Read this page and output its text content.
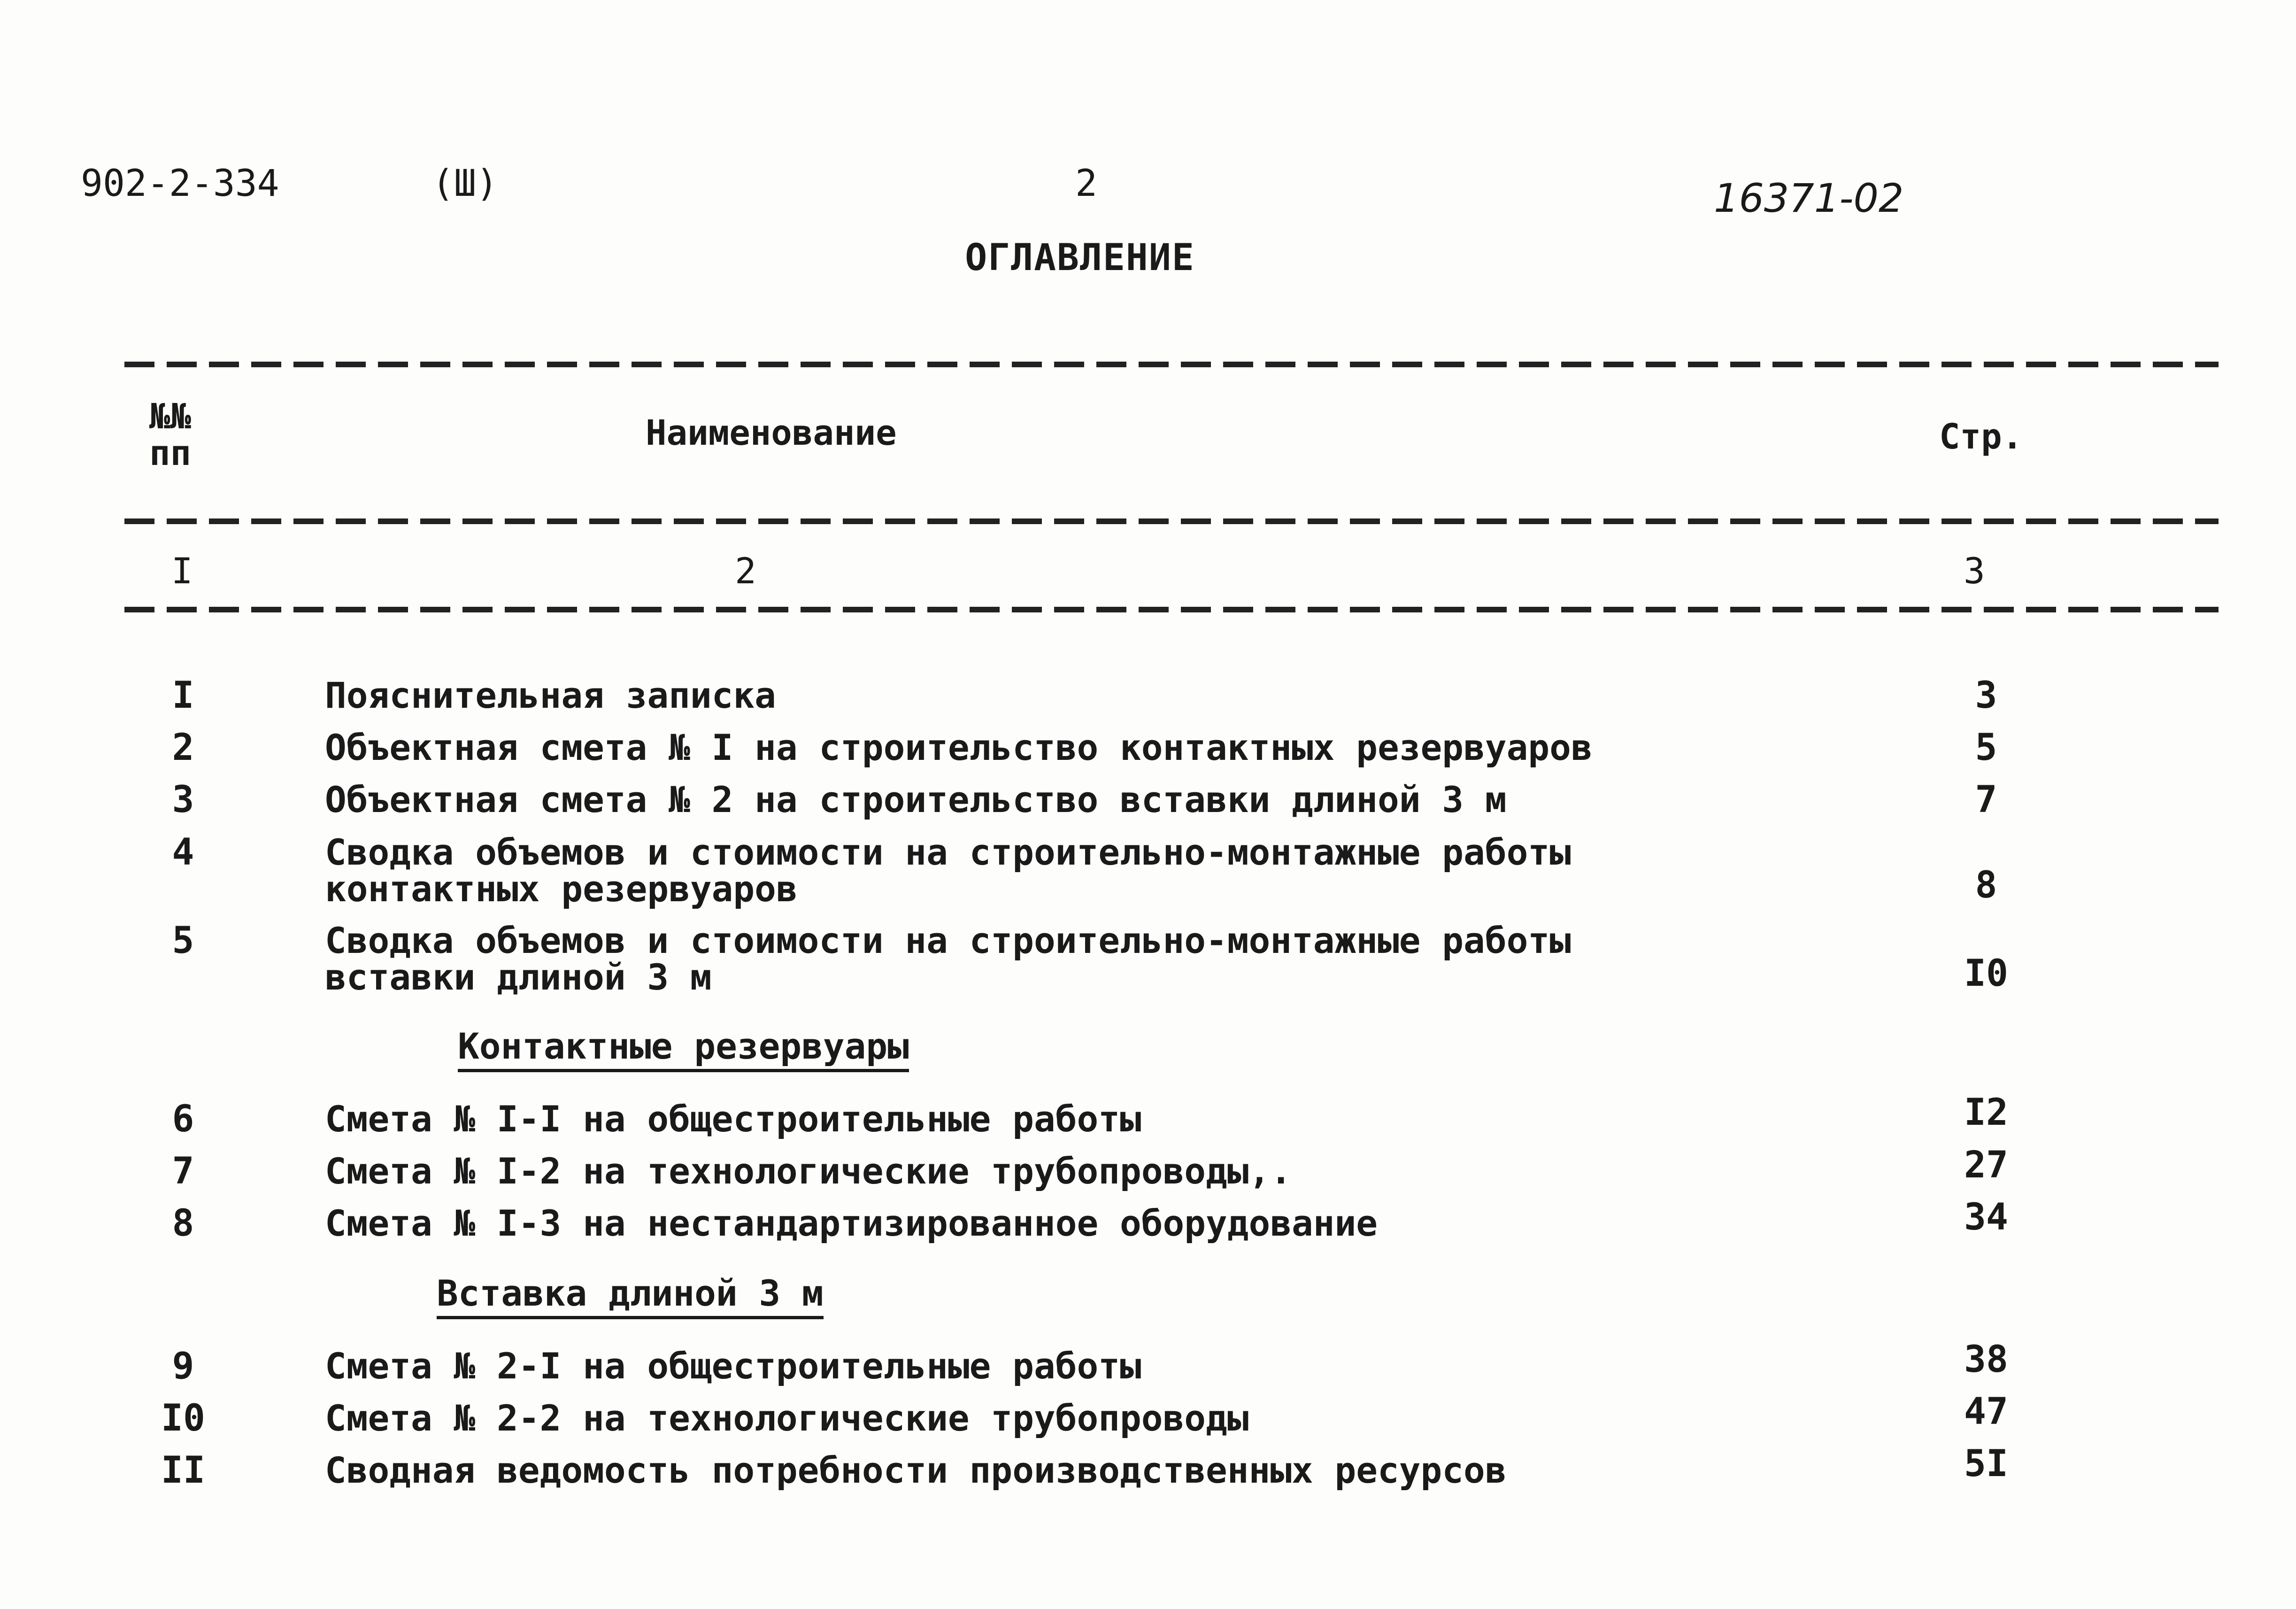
902-2-334	(Ш)	2	16371-02
ОГЛАВЛЕНИЕ
№№
пп	Наименование	Стр.
I	2	3
I	Пояснительная записка	3
2	Объектная смета № I на строительство контактных резервуаров	5
3	Объектная смета № 2 на строительство вставки длиной 3 м	7
4	Сводка объемов и стоимости на строительно-монтажные работы
контактных резервуаров	8
5	Сводка объемов и стоимости на строительно-монтажные работы
вставки длиной 3 м	I0
Контактные резервуары
6	Смета № I-I на общестроительные работы	I2
7	Смета № I-2 на технологические трубопроводы,.	27
8	Смета № I-3 на нестандартизированное оборудование	34
Вставка длиной 3 м
9	Смета № 2-I на общестроительные работы	38
I0	Смета № 2-2 на технологические трубопроводы	47
II	Сводная ведомость потребности производственных ресурсов	5I
